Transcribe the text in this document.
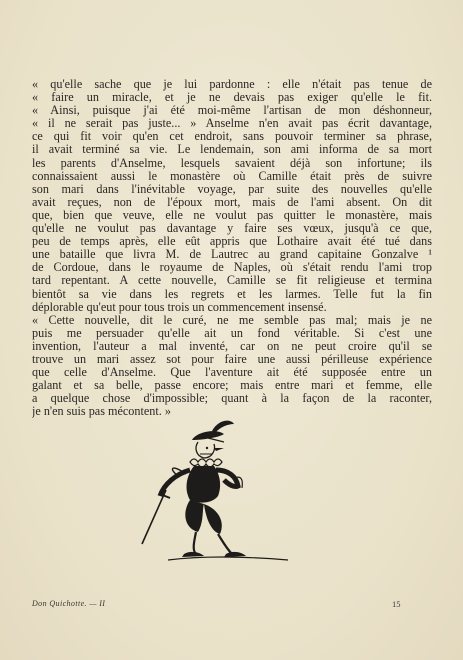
« qu'elle sache que je lui pardonne : elle n'était pas tenue de
« faire un miracle, et je ne devais pas exiger qu'elle le fit.
« Ainsi, puisque j'ai été moi-même l'artisan de mon déshonneur,
« il ne serait pas juste... » Anselme n'en avait pas écrit davantage,
ce qui fit voir qu'en cet endroit, sans pouvoir terminer sa phrase,
il avait terminé sa vie. Le lendemain, son ami informa de sa mort
les parents d'Anselme, lesquels savaient déjà son infortune; ils
connaissaient aussi le monastère où Camille était près de suivre
son mari dans l'inévitable voyage, par suite des nouvelles qu'elle
avait reçues, non de l'époux mort, mais de l'ami absent. On dit
que, bien que veuve, elle ne voulut pas quitter le monastère, mais
qu'elle ne voulut pas davantage y faire ses vœux, jusqu'à ce que,
peu de temps après, elle eût appris que Lothaire avait été tué dans
une bataille que livra M. de Lautrec au grand capitaine Gonzalve ¹
de Cordoue, dans le royaume de Naples, où s'était rendu l'ami trop
tard repentant. A cette nouvelle, Camille se fit religieuse et termina
bientôt sa vie dans les regrets et les larmes. Telle fut la fin
déplorable qu'eut pour tous trois un commencement insensé.
« Cette nouvelle, dit le curé, ne me semble pas mal; mais je ne
puis me persuader qu'elle ait un fond véritable. Si c'est une
invention, l'auteur a mal inventé, car on ne peut croire qu'il se
trouve un mari assez sot pour faire une aussi périlleuse expérience
que celle d'Anselme. Que l'aventure ait été supposée entre un
galant et sa belle, passe encore; mais entre mari et femme, elle
a quelque chose d'impossible; quant à la façon de la raconter,
je n'en suis pas mécontent. »
Don Quichotte. — II	15
